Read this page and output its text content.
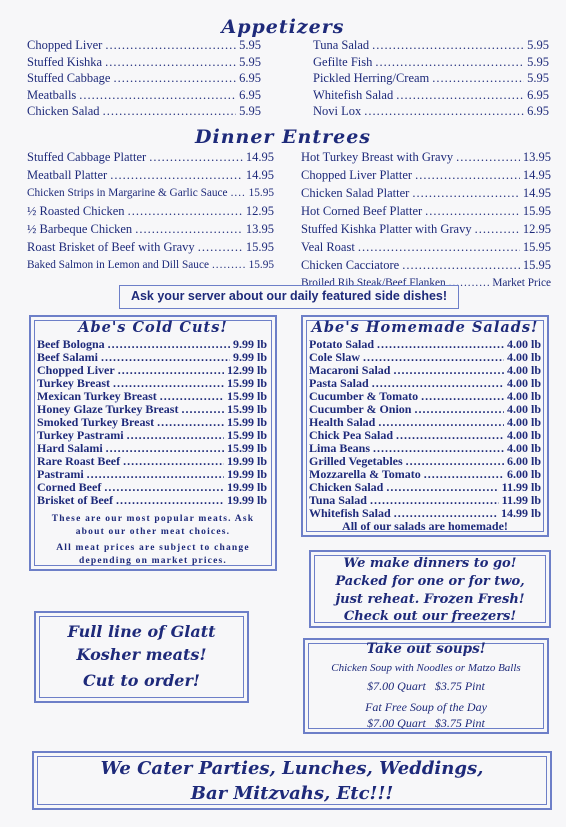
Appetizers
Chopped Liver .....	5.95
Stuffed Kishka .....	5.95
Stuffed Cabbage .....	6.95
Meatballs .....	6.95
Chicken Salad .....	5.95
Tuna Salad .....	5.95
Gefilte Fish .....	5.95
Pickled Herring/Cream .....	5.95
Whitefish Salad .....	6.95
Novi Lox .....	6.95
Dinner Entrees
Stuffed Cabbage Platter .....	14.95
Meatball Platter .....	14.95
Chicken Strips in Margarine & Garlic Sauce ..... 15.95
½ Roasted Chicken .....	12.95
½ Barbeque Chicken .....	13.95
Roast Brisket of Beef with Gravy .....	15.95
Baked Salmon in Lemon and Dill Sauce .....	15.95
Hot Turkey Breast with Gravy .....	13.95
Chopped Liver Platter .....	14.95
Chicken Salad Platter .....	14.95
Hot Corned Beef Platter .....	15.95
Stuffed Kishka Platter with Gravy .....	12.95
Veal Roast .....	15.95
Chicken Cacciatore .....	15.95
Broiled Rib Steak/Beef Flanken .....	Market Price
Ask your server about our daily featured side dishes!
Abe's Cold Cuts!
Beef Bologna .....	9.99 lb
Beef Salami .....	9.99 lb
Chopped Liver .....	12.99 lb
Turkey Breast .....	15.99 lb
Mexican Turkey Breast .....	15.99 lb
Honey Glaze Turkey Breast .....	15.99 lb
Smoked Turkey Breast .....	15.99 lb
Turkey Pastrami .....	15.99 lb
Hard Salami .....	15.99 lb
Rare Roast Beef .....	19.99 lb
Pastrami .....	19.99 lb
Corned Beef .....	19.99 lb
Brisket of Beef .....	19.99 lb
These are our most popular meats. Ask about our other meat choices.
All meat prices are subject to change depending on market prices.
Abe's Homemade Salads!
Potato Salad .....	4.00 lb
Cole Slaw .....	4.00 lb
Macaroni Salad .....	4.00 lb
Pasta Salad .....	4.00 lb
Cucumber & Tomato .....	4.00 lb
Cucumber & Onion .....	4.00 lb
Health Salad .....	4.00 lb
Chick Pea Salad .....	4.00 lb
Lima Beans .....	4.00 lb
Grilled Vegetables .....	6.00 lb
Mozzarella & Tomato .....	6.00 lb
Chicken Salad .....	11.99 lb
Tuna Salad .....	11.99 lb
Whitefish Salad .....	14.99 lb
All of our salads are homemade!
We make dinners to go!
Packed for one or for two,
just reheat. Frozen Fresh!
Check out our freezers!
Full line of Glatt
Kosher meats!
Cut to order!
Take out soups!
Chicken Soup with Noodles or Matzo Balls
$7.00 Quart   $3.75 Pint
Fat Free Soup of the Day
$7.00 Quart   $3.75 Pint
We Cater Parties, Lunches, Weddings,
Bar Mitzvahs, Etc!!!
